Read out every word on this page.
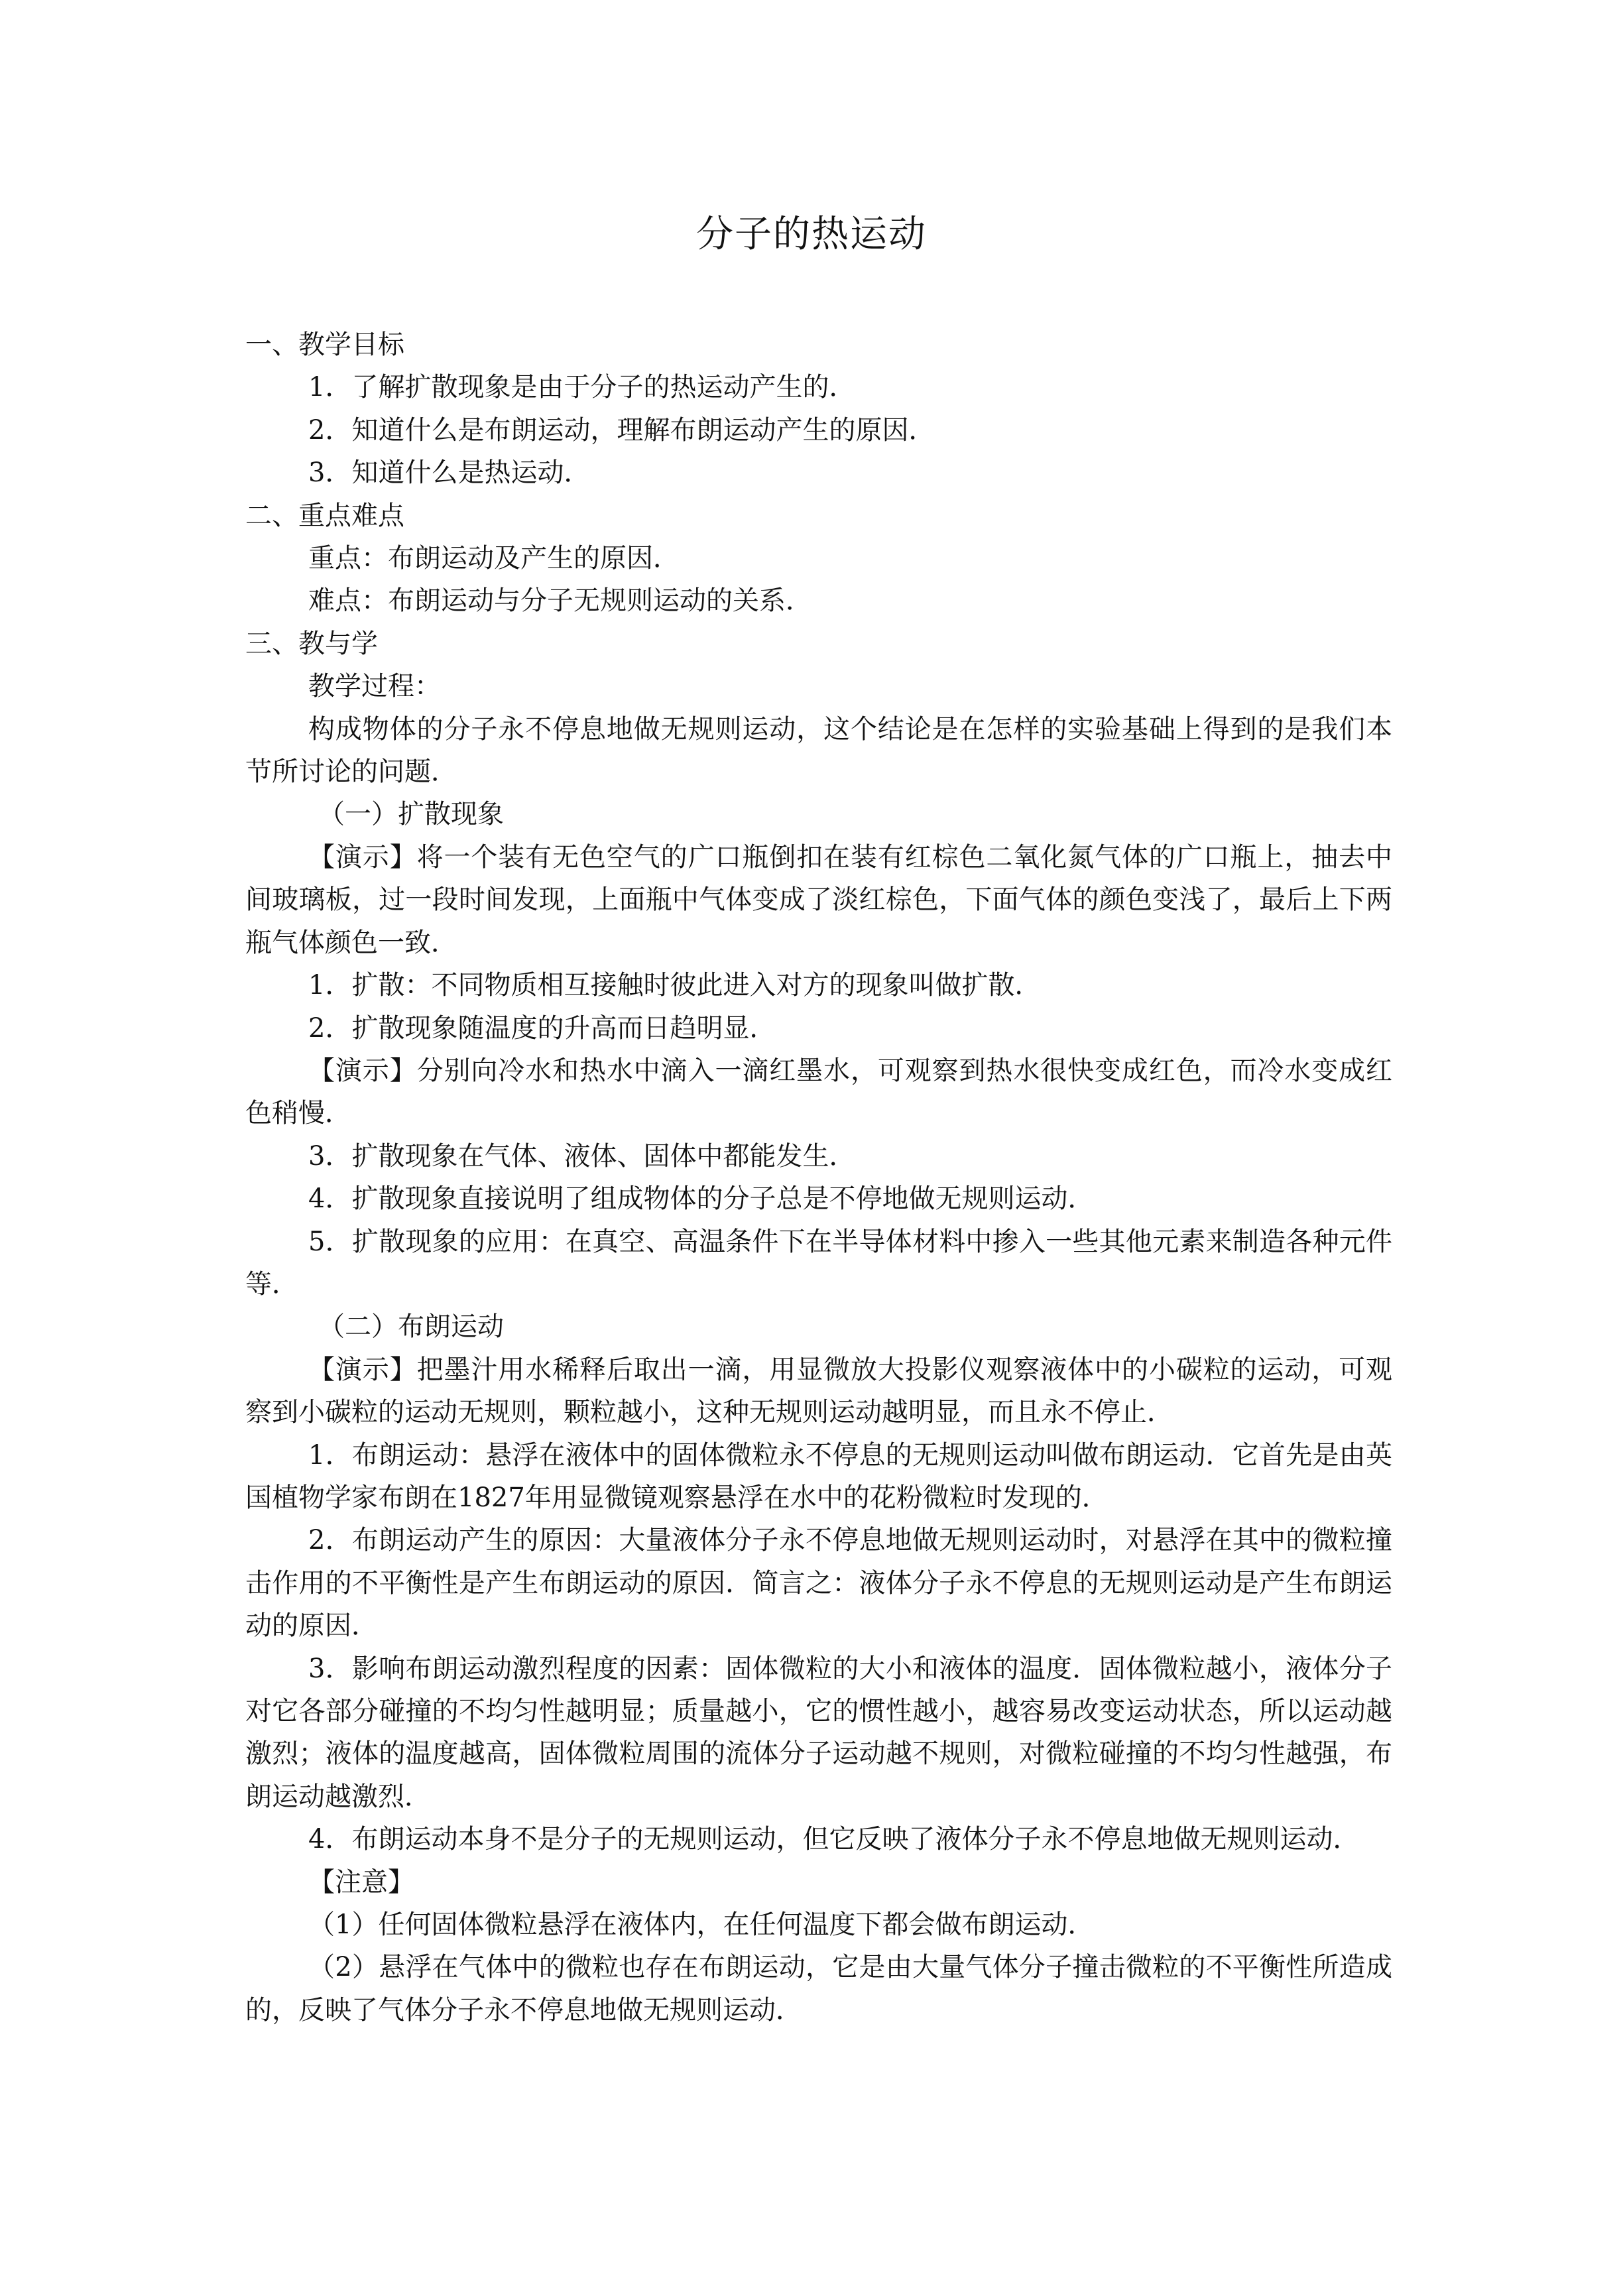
分子的热运动

一、教学目标

1．了解扩散现象是由于分子的热运动产生的．

2．知道什么是布朗运动，理解布朗运动产生的原因．

3．知道什么是热运动．

二、重点难点

重点：布朗运动及产生的原因．

难点：布朗运动与分子无规则运动的关系．

三、教与学

教学过程：

构成物体的分子永不停息地做无规则运动，这个结论是在怎样的实验基础上得到的是我们本节所讨论的问题．

（一）扩散现象

【演示】将一个装有无色空气的广口瓶倒扣在装有红棕色二氧化氮气体的广口瓶上，抽去中间玻璃板，过一段时间发现，上面瓶中气体变成了淡红棕色，下面气体的颜色变浅了，最后上下两瓶气体颜色一致．

1．扩散：不同物质相互接触时彼此进入对方的现象叫做扩散．

2．扩散现象随温度的升高而日趋明显．

【演示】分别向冷水和热水中滴入一滴红墨水，可观察到热水很快变成红色，而冷水变成红色稍慢．

3．扩散现象在气体、液体、固体中都能发生．

4．扩散现象直接说明了组成物体的分子总是不停地做无规则运动．

5．扩散现象的应用：在真空、高温条件下在半导体材料中掺入一些其他元素来制造各种元件等．

（二）布朗运动

【演示】把墨汁用水稀释后取出一滴，用显微放大投影仪观察液体中的小碳粒的运动，可观察到小碳粒的运动无规则，颗粒越小，这种无规则运动越明显，而且永不停止．

1．布朗运动：悬浮在液体中的固体微粒永不停息的无规则运动叫做布朗运动．它首先是由英国植物学家布朗在1827年用显微镜观察悬浮在水中的花粉微粒时发现的．

2．布朗运动产生的原因：大量液体分子永不停息地做无规则运动时，对悬浮在其中的微粒撞击作用的不平衡性是产生布朗运动的原因．简言之：液体分子永不停息的无规则运动是产生布朗运动的原因．

3．影响布朗运动激烈程度的因素：固体微粒的大小和液体的温度．固体微粒越小，液体分子对它各部分碰撞的不均匀性越明显；质量越小，它的惯性越小，越容易改变运动状态，所以运动越激烈；液体的温度越高，固体微粒周围的流体分子运动越不规则，对微粒碰撞的不均匀性越强，布朗运动越激烈．

4．布朗运动本身不是分子的无规则运动，但它反映了液体分子永不停息地做无规则运动．

【注意】

（1）任何固体微粒悬浮在液体内，在任何温度下都会做布朗运动．

（2）悬浮在气体中的微粒也存在布朗运动，它是由大量气体分子撞击微粒的不平衡性所造成的，反映了气体分子永不停息地做无规则运动．
